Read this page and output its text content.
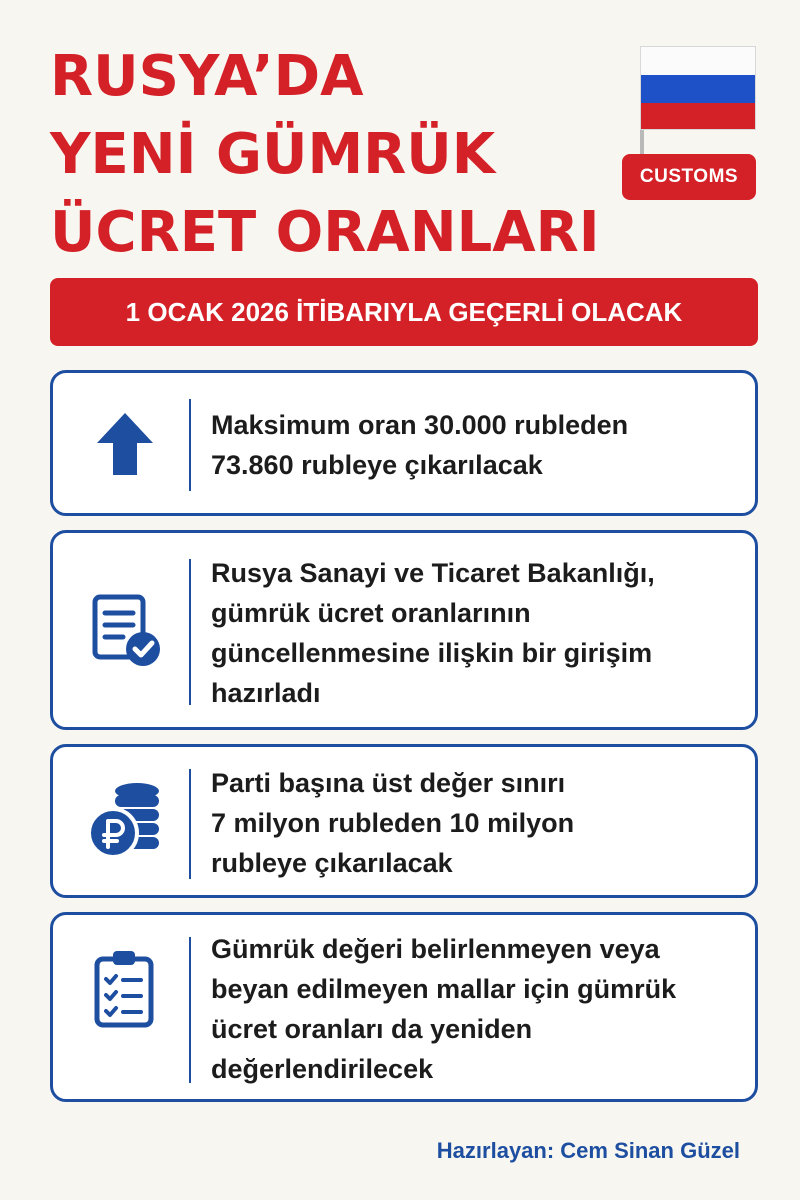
RUSYA’DA
YENİ GÜMRÜK
ÜCRET ORANLARI
CUSTOMS
1 OCAK 2026 İTİBARIYLA GEÇERLİ OLACAK

Maksimum oran 30.000 rubleden
73.860 rubleye çıkarılacak

Rusya Sanayi ve Ticaret Bakanlığı,
gümrük ücret oranlarının
güncellenmesine ilişkin bir girişim
hazırladı

Parti başına üst değer sınırı
7 milyon rubleden 10 milyon
rubleye çıkarılacak

Gümrük değeri belirlenmeyen veya
beyan edilmeyen mallar için gümrük
ücret oranları da yeniden
değerlendirilecek

Hazırlayan: Cem Sinan Güzel
